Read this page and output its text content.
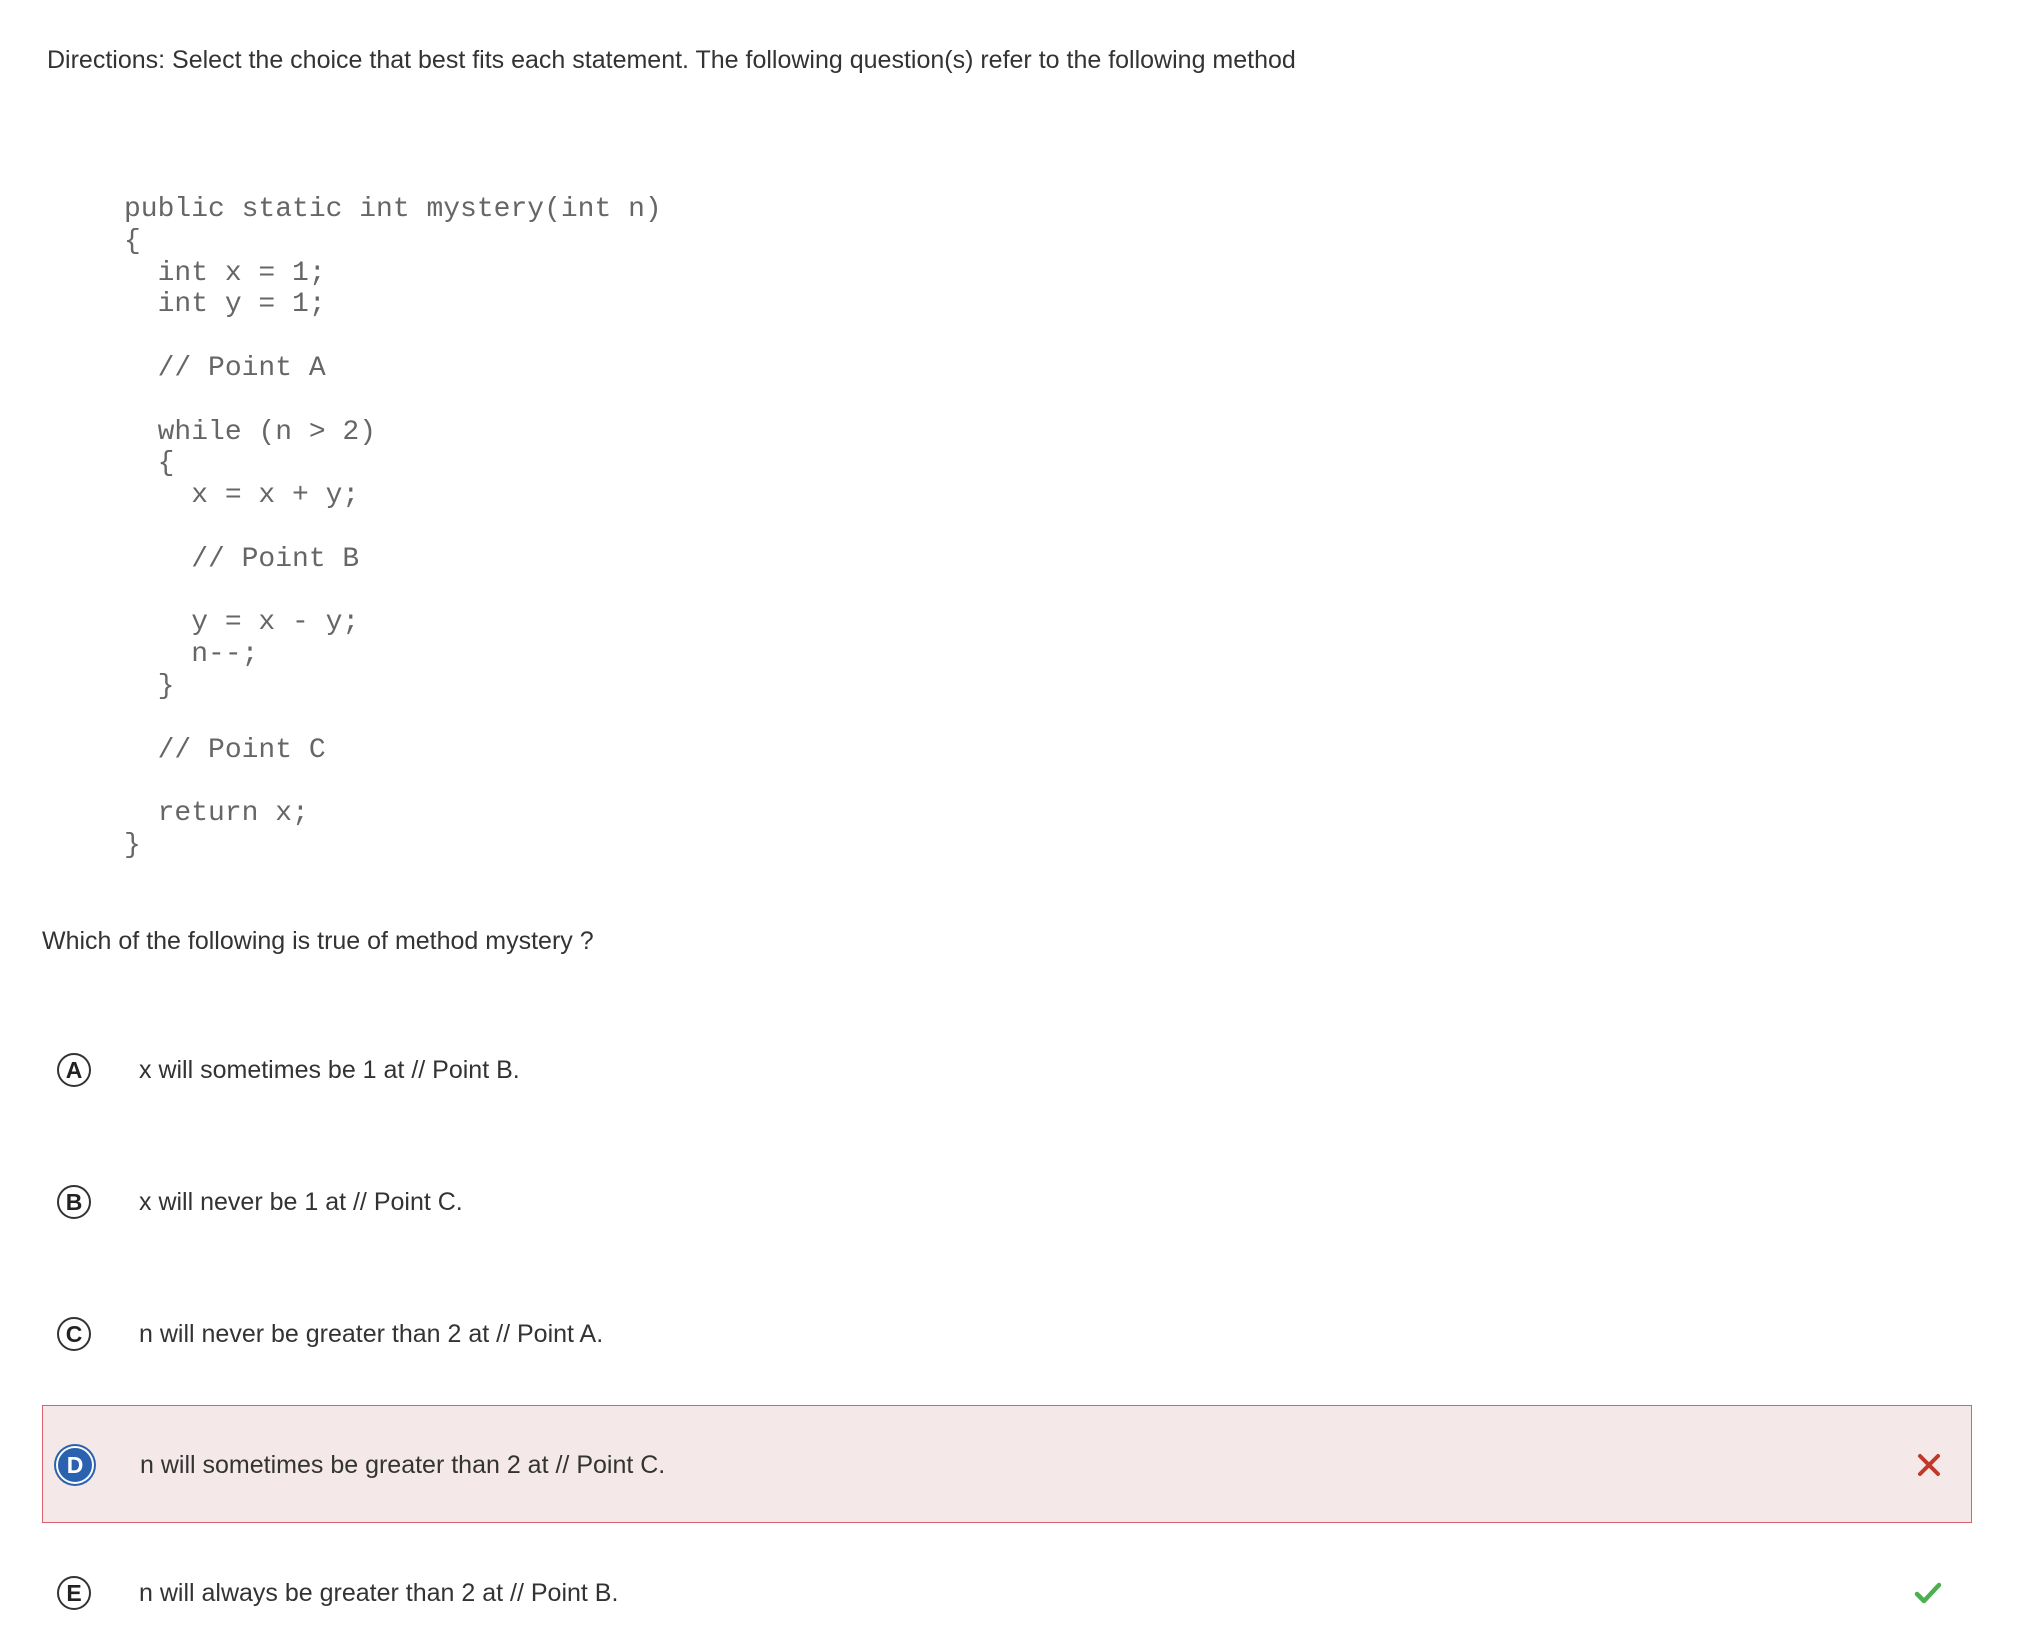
Directions: Select the choice that best fits each statement. The following question(s) refer to the following method
public static int mystery(int n)
{
int x = 1;
int y = 1;
// Point A
while (n > 2)
{
x = x + y;
// Point B
y = x - y;
n--;
}
// Point C
return x;
}
Which of the following is true of method mystery ?
A	x will sometimes be 1 at // Point B.
B	x will never be 1 at // Point C.
C	n will never be greater than 2 at // Point A.
D	n will sometimes be greater than 2 at // Point C.
E	n will always be greater than 2 at // Point B.
